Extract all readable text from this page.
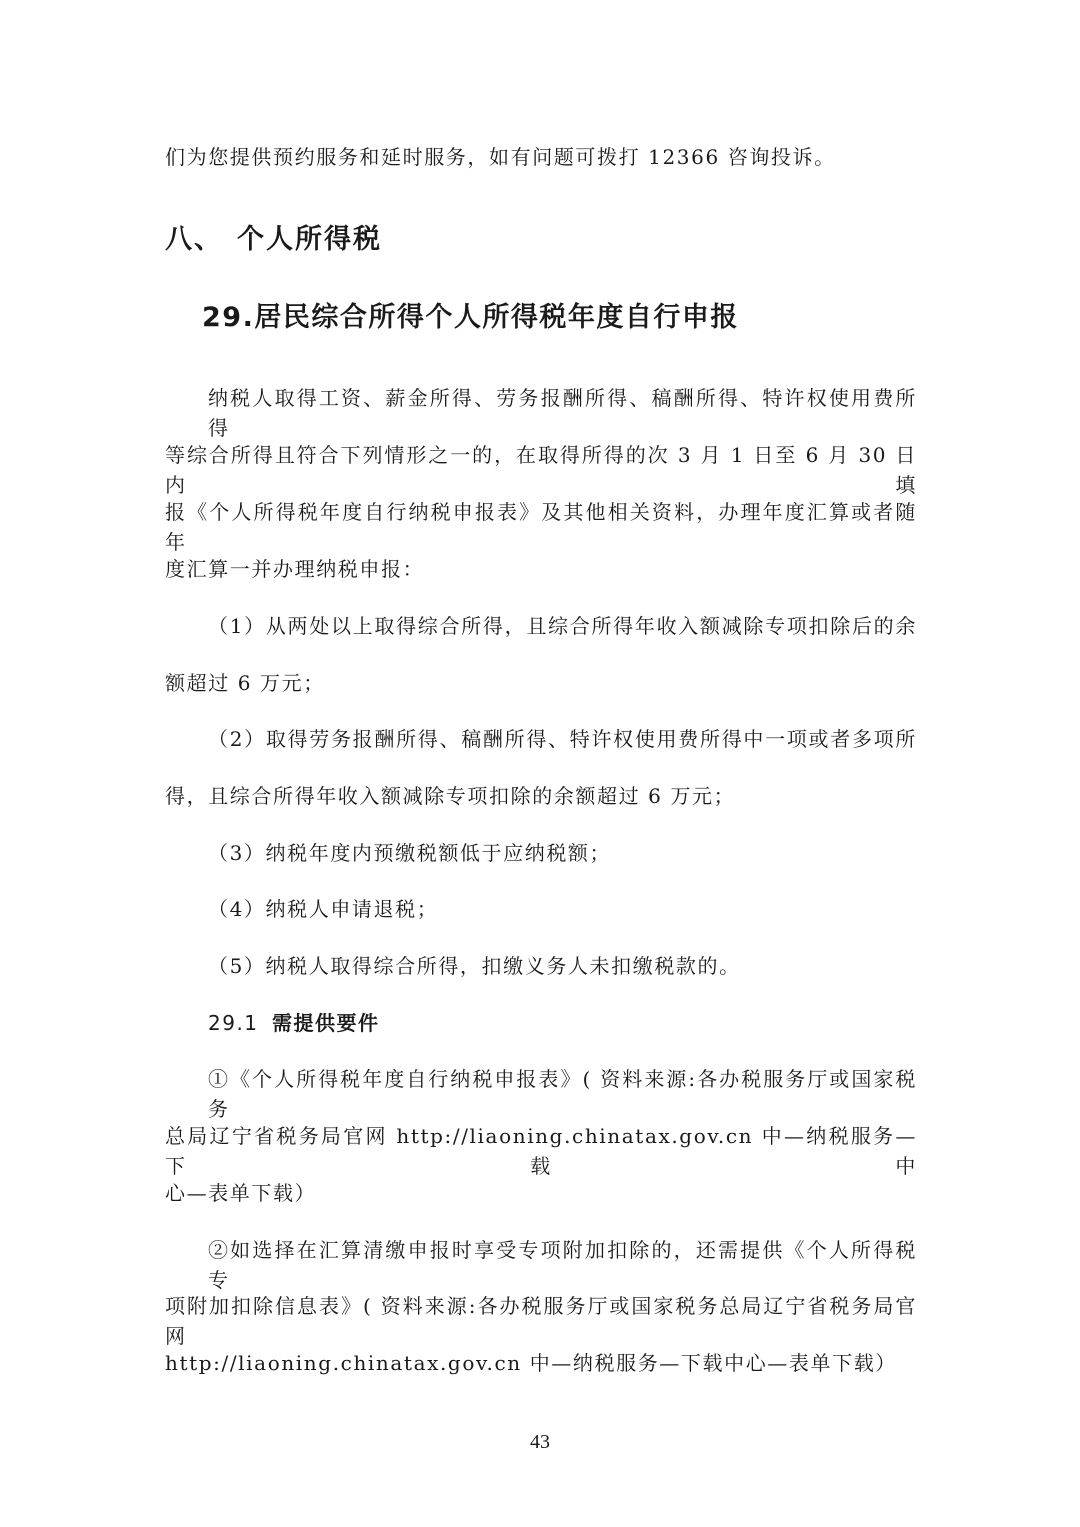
们为您提供预约服务和延时服务，如有问题可拨打 12366 咨询投诉。

八、 个人所得税
29.居民综合所得个人所得税年度自行申报

纳税人取得工资、薪金所得、劳务报酬所得、稿酬所得、特许权使用费所得

等综合所得且符合下列情形之一的，在取得所得的次 3 月 1 日至 6 月 30 日内填

报《个人所得税年度自行纳税申报表》及其他相关资料，办理年度汇算或者随年

度汇算一并办理纳税申报：

（1）从两处以上取得综合所得，且综合所得年收入额减除专项扣除后的余

额超过 6 万元；

（2）取得劳务报酬所得、稿酬所得、特许权使用费所得中一项或者多项所

得，且综合所得年收入额减除专项扣除的余额超过 6 万元；

（3）纳税年度内预缴税额低于应纳税额；

（4）纳税人申请退税；

（5）纳税人取得综合所得，扣缴义务人未扣缴税款的。

29.1 需提供要件

①《个人所得税年度自行纳税申报表》( 资料来源:各办税服务厅或国家税务

总局辽宁省税务局官网 http://liaoning.chinatax.gov.cn 中—纳税服务—下载中

心—表单下载）

②如选择在汇算清缴申报时享受专项附加扣除的，还需提供《个人所得税专

项附加扣除信息表》( 资料来源:各办税服务厅或国家税务总局辽宁省税务局官网

http://liaoning.chinatax.gov.cn 中—纳税服务—下载中心—表单下载）

43
